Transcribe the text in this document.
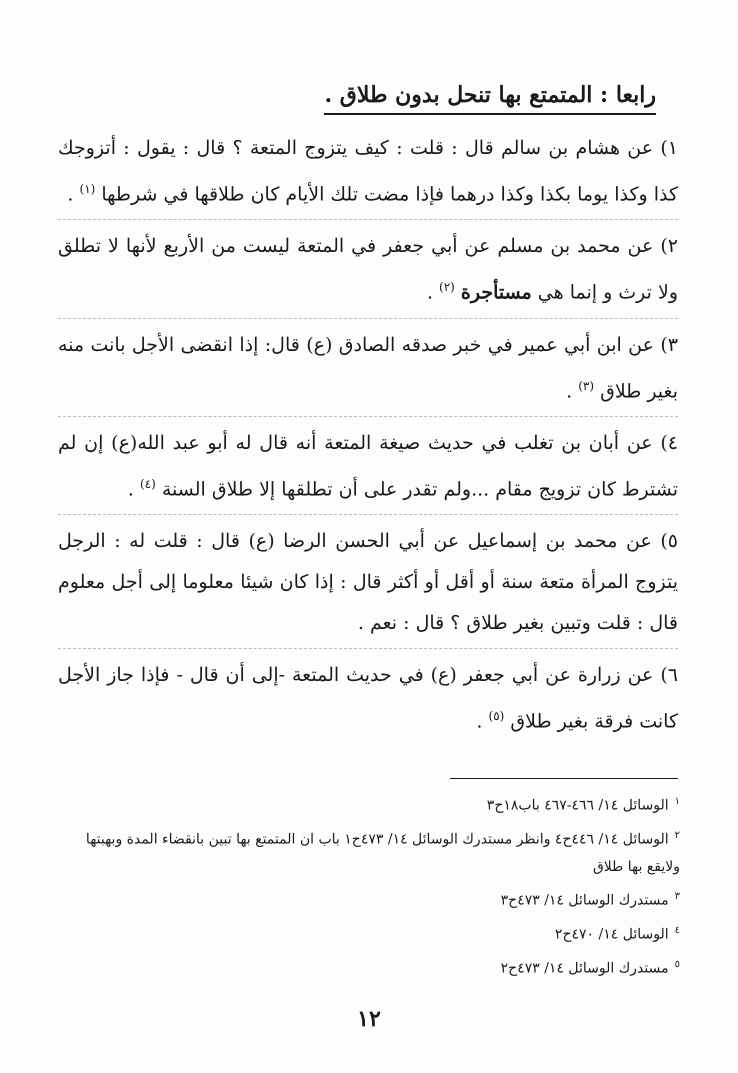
رابعا : المتمتع بها تنحل بدون طلاق .

١) عن هشام بن سالم قال : قلت : كيف يتزوج المتعة ؟ قال : يقول : أتزوجك كذا وكذا يوما بكذا وكذا درهما فإذا مضت تلك الأيام كان طلاقها في شرطها $^{(١)}$ .

٢) عن محمد بن مسلم عن أبي جعفر في المتعة ليست من الأربع لأنها لا تطلق ولا ترث و إنما هي مستأجرة $^{(٢)}$ .

٣) عن ابن أبي عمير في خبر صدقه الصادق (ع) قال: إذا انقضى الأجل بانت منه بغير طلاق $^{(٣)}$ .

٤) عن أبان بن تغلب في حديث صيغة المتعة أنه قال له أبو عبد الله(ع) إن لم تشترط كان تزويج مقام ...ولم تقدر على أن تطلقها إلا طلاق السنة $^{(٤)}$ .

٥) عن محمد بن إسماعيل عن أبي الحسن الرضا (ع) قال : قلت له : الرجل يتزوج المرأة متعة سنة أو أقل أو أكثر قال : إذا كان شيئا معلوما إلى أجل معلوم قال : قلت وتبين بغير طلاق ؟ قال : نعم .

٦) عن زرارة عن أبي جعفر (ع) في حديث المتعة -إلى أن قال - فإذا جاز الأجل كانت فرقة بغير طلاق $^{(٥)}$ .

$^١$الوسائل ١٤/ ٤٦٦-٤٦٧ باب١٨ح٣

$^٢$الوسائل ١٤/ ٤٤٦ح٤ وانظر مستدرك الوسائل ١٤/ ٤٧٣ح١ باب ان المتمتع بها تبين بانقضاء المدة وبهبتها ولايقع بها طلاق

$^٣$مستدرك الوسائل ١٤/ ٤٧٣ح٣

$^٤$الوسائل ١٤/ ٤٧٠ح٢

$^٥$مستدرك الوسائل ١٤/ ٤٧٣ح٢

١٢
